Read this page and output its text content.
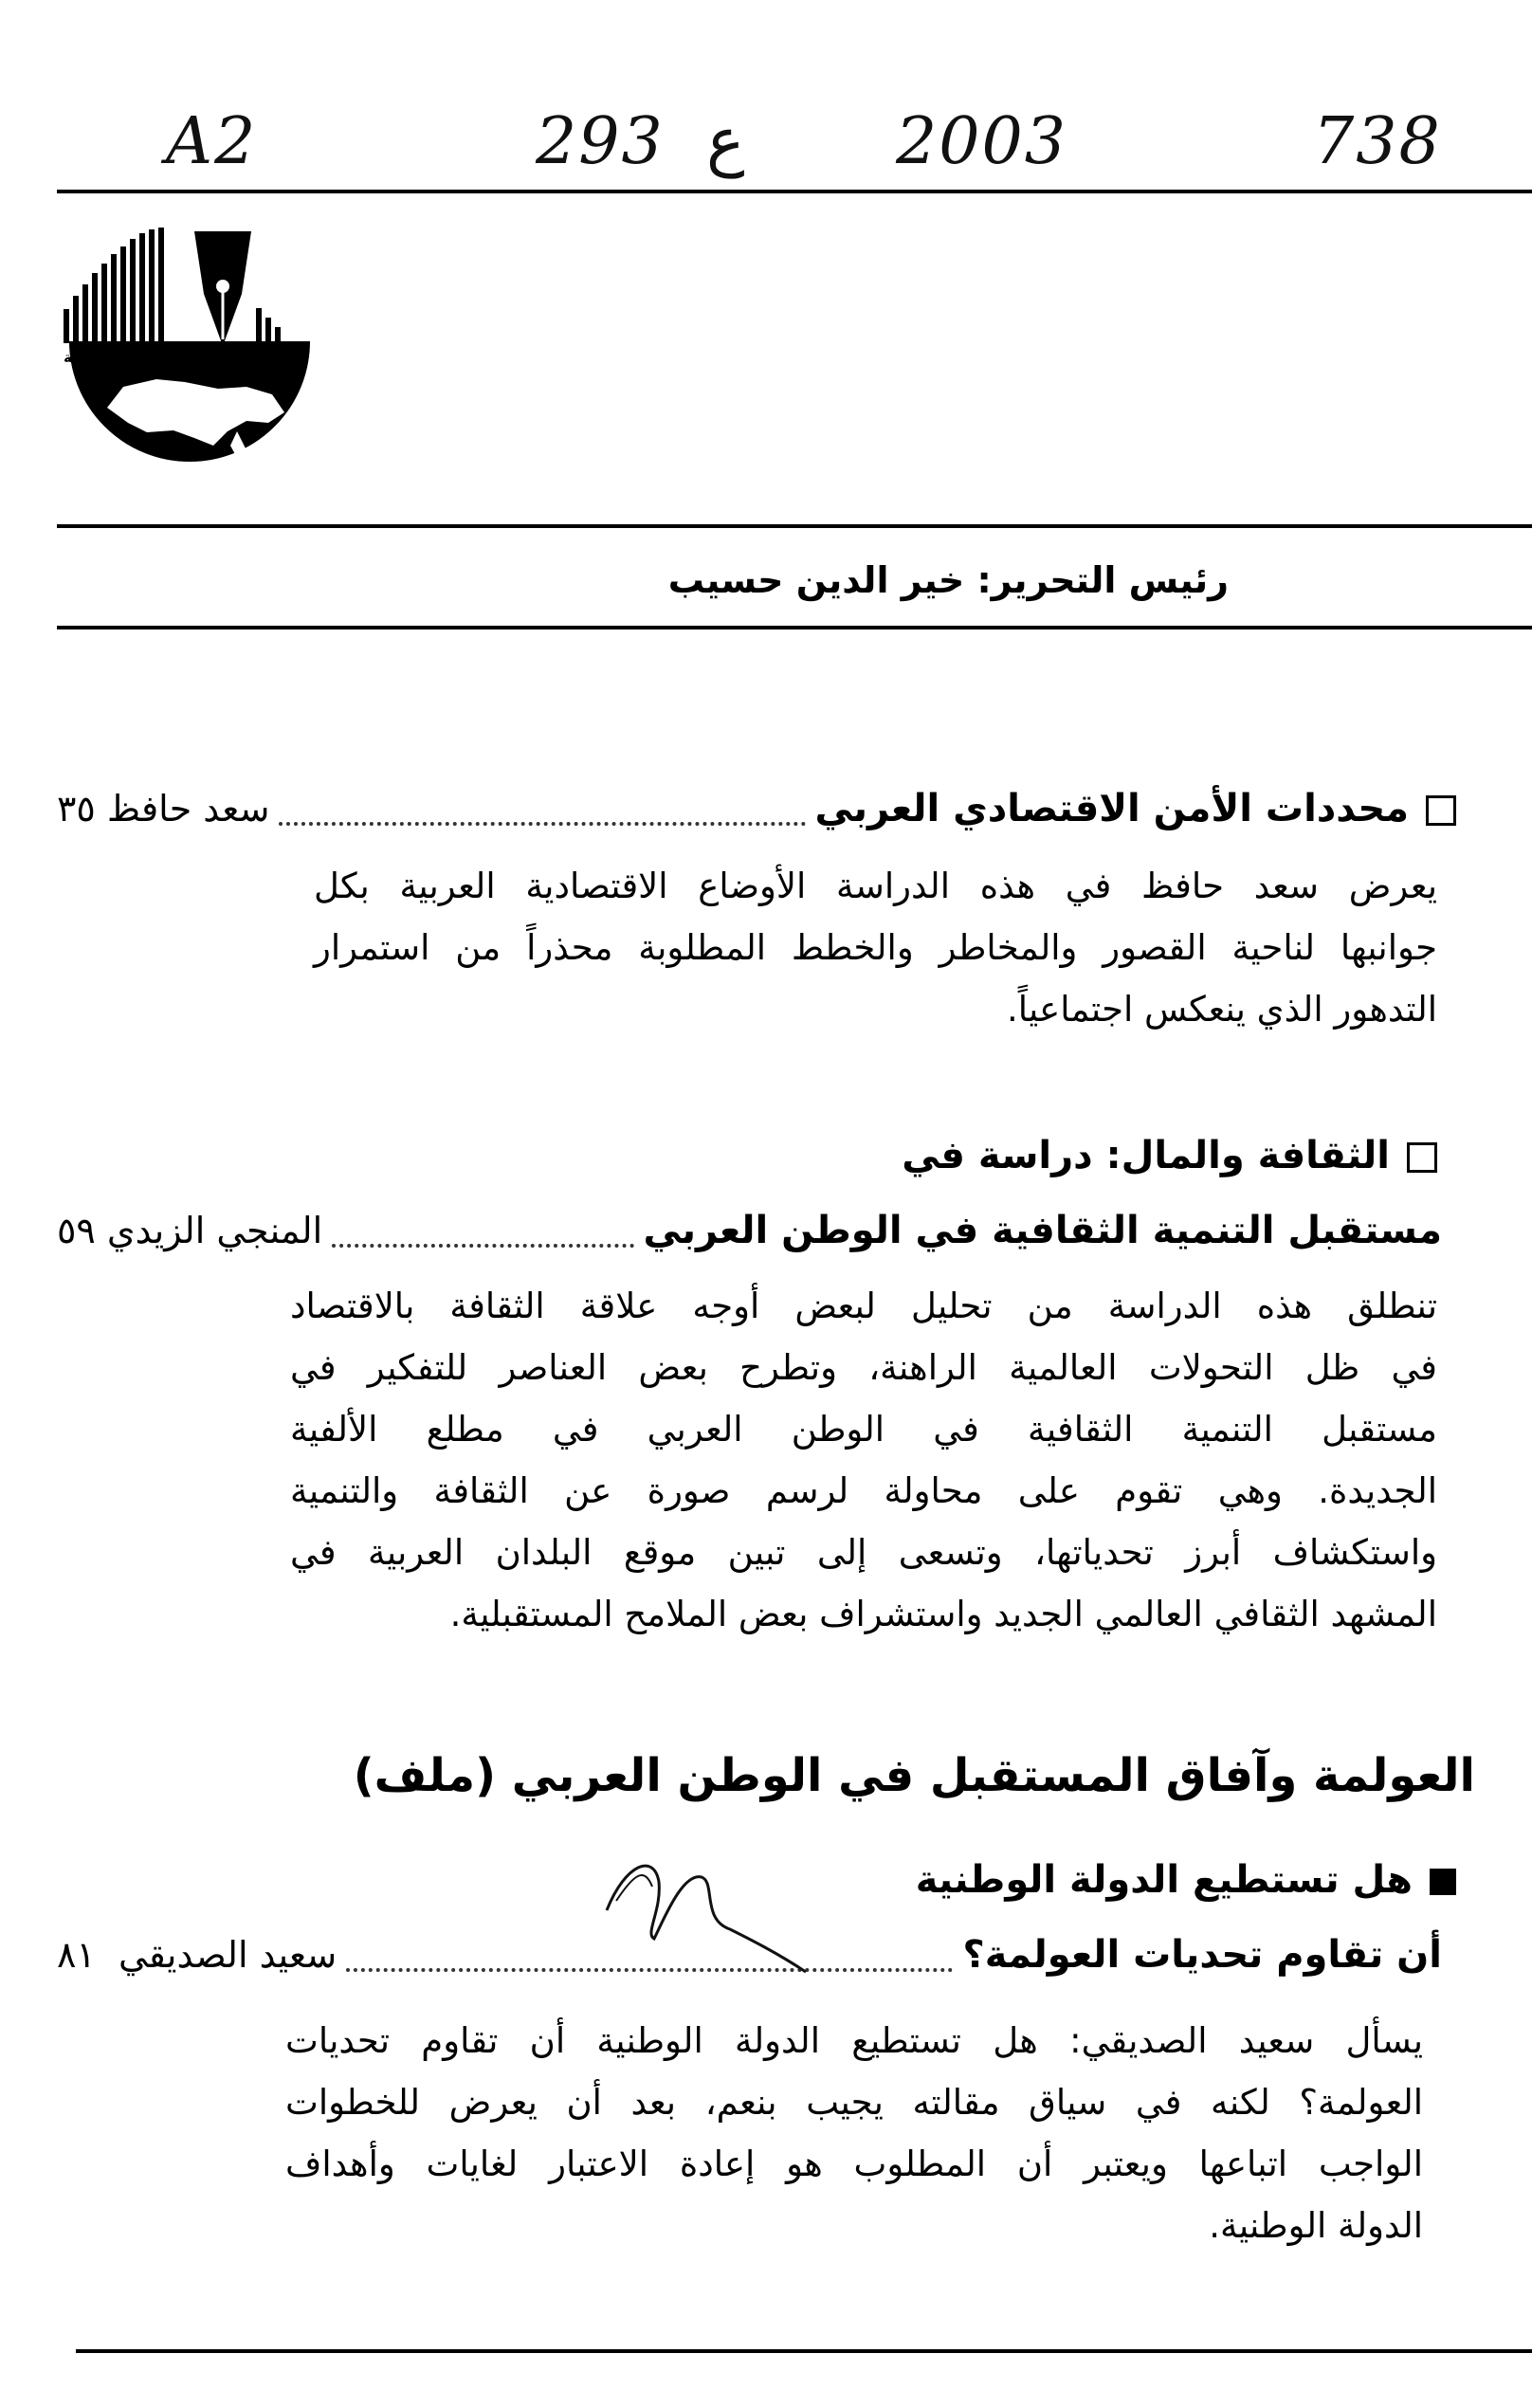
A2	293 ع 2003	738
مركز
دراسات الوحدة العربية
رئيس التحرير: خير الدين حسيب
محددات الأمن الاقتصادي العربي
سعد حافظ ٣٥
يعرض سعد حافظ في هذه الدراسة الأوضاع الاقتصادية العربية بكل
جوانبها لناحية القصور والمخاطر والخطط المطلوبة محذراً من استمرار
التدهور الذي ينعكس اجتماعياً.
الثقافة والمال: دراسة في
مستقبل التنمية الثقافية في الوطن العربي
المنجي الزيدي ٥٩
تنطلق هذه الدراسة من تحليل لبعض أوجه علاقة الثقافة بالاقتصاد
في ظل التحولات العالمية الراهنة، وتطرح بعض العناصر للتفكير في
مستقبل التنمية الثقافية في الوطن العربي في مطلع الألفية
الجديدة. وهي تقوم على محاولة لرسم صورة عن الثقافة والتنمية
واستكشاف أبرز تحدياتها، وتسعى إلى تبين موقع البلدان العربية في
المشهد الثقافي العالمي الجديد واستشراف بعض الملامح المستقبلية.
العولمة وآفاق المستقبل في الوطن العربي (ملف)
هل تستطيع الدولة الوطنية
أن تقاوم تحديات العولمة؟
سعيد الصديقي  ٨١
يسأل سعيد الصديقي: هل تستطيع الدولة الوطنية أن تقاوم تحديات
العولمة؟ لكنه في سياق مقالته يجيب بنعم، بعد أن يعرض للخطوات
الواجب اتباعها ويعتبر أن المطلوب هو إعادة الاعتبار لغايات وأهداف
الدولة الوطنية.
